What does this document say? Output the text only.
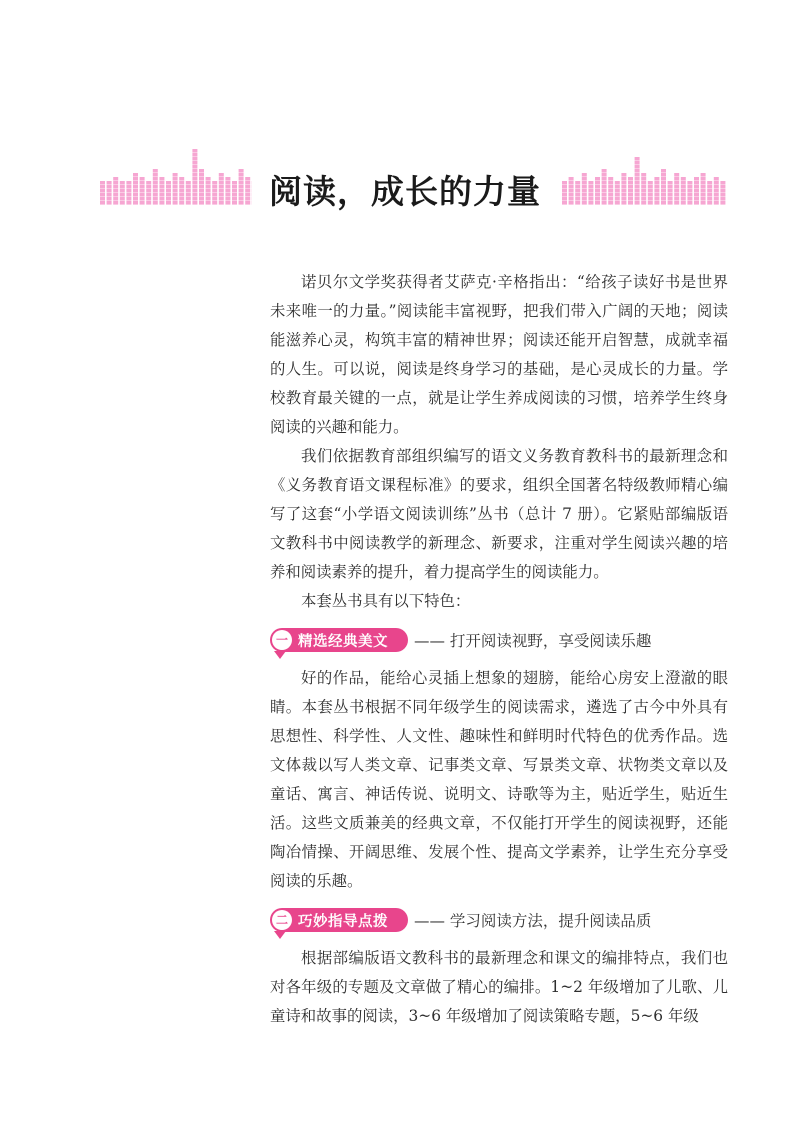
阅读，成长的力量

诺贝尔文学奖获得者艾萨克·辛格指出：“给孩子读好书是世界未来唯一的力量。”阅读能丰富视野，把我们带入广阔的天地；阅读能滋养心灵，构筑丰富的精神世界；阅读还能开启智慧，成就幸福的人生。可以说，阅读是终身学习的基础，是心灵成长的力量。学校教育最关键的一点，就是让学生养成阅读的习惯，培养学生终身阅读的兴趣和能力。

我们依据教育部组织编写的语文义务教育教科书的最新理念和《义务教育语文课程标准》的要求，组织全国著名特级教师精心编写了这套“小学语文阅读训练”丛书（总计 7 册）。它紧贴部编版语文教科书中阅读教学的新理念、新要求，注重对学生阅读兴趣的培养和阅读素养的提升，着力提高学生的阅读能力。

本套丛书具有以下特色：

一 精选经典美文 —— 打开阅读视野，享受阅读乐趣

好的作品，能给心灵插上想象的翅膀，能给心房安上澄澈的眼睛。本套丛书根据不同年级学生的阅读需求，遴选了古今中外具有思想性、科学性、人文性、趣味性和鲜明时代特色的优秀作品。选文体裁以写人类文章、记事类文章、写景类文章、状物类文章以及童话、寓言、神话传说、说明文、诗歌等为主，贴近学生，贴近生活。这些文质兼美的经典文章，不仅能打开学生的阅读视野，还能陶冶情操、开阔思维、发展个性、提高文学素养，让学生充分享受阅读的乐趣。

二 巧妙指导点拨 —— 学习阅读方法，提升阅读品质

根据部编版语文教科书的最新理念和课文的编排特点，我们也对各年级的专题及文章做了精心的编排。1~2 年级增加了儿歌、儿童诗和故事的阅读，3~6 年级增加了阅读策略专题，5~6 年级
